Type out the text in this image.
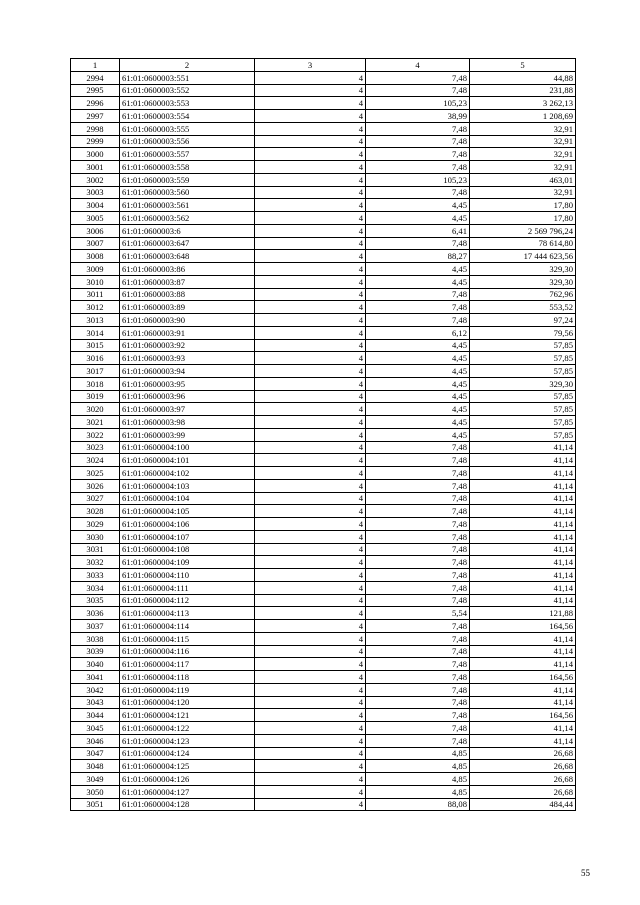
1	2	3	4	5
2994	61:01:0600003:551	4	7,48	44,88
2995	61:01:0600003:552	4	7,48	231,88
2996	61:01:0600003:553	4	105,23	3 262,13
2997	61:01:0600003:554	4	38,99	1 208,69
2998	61:01:0600003:555	4	7,48	32,91
2999	61:01:0600003:556	4	7,48	32,91
3000	61:01:0600003:557	4	7,48	32,91
3001	61:01:0600003:558	4	7,48	32,91
3002	61:01:0600003:559	4	105,23	463,01
3003	61:01:0600003:560	4	7,48	32,91
3004	61:01:0600003:561	4	4,45	17,80
3005	61:01:0600003:562	4	4,45	17,80
3006	61:01:0600003:6	4	6,41	2 569 796,24
3007	61:01:0600003:647	4	7,48	78 614,80
3008	61:01:0600003:648	4	88,27	17 444 623,56
3009	61:01:0600003:86	4	4,45	329,30
3010	61:01:0600003:87	4	4,45	329,30
3011	61:01:0600003:88	4	7,48	762,96
3012	61:01:0600003:89	4	7,48	553,52
3013	61:01:0600003:90	4	7,48	97,24
3014	61:01:0600003:91	4	6,12	79,56
3015	61:01:0600003:92	4	4,45	57,85
3016	61:01:0600003:93	4	4,45	57,85
3017	61:01:0600003:94	4	4,45	57,85
3018	61:01:0600003:95	4	4,45	329,30
3019	61:01:0600003:96	4	4,45	57,85
3020	61:01:0600003:97	4	4,45	57,85
3021	61:01:0600003:98	4	4,45	57,85
3022	61:01:0600003:99	4	4,45	57,85
3023	61:01:0600004:100	4	7,48	41,14
3024	61:01:0600004:101	4	7,48	41,14
3025	61:01:0600004:102	4	7,48	41,14
3026	61:01:0600004:103	4	7,48	41,14
3027	61:01:0600004:104	4	7,48	41,14
3028	61:01:0600004:105	4	7,48	41,14
3029	61:01:0600004:106	4	7,48	41,14
3030	61:01:0600004:107	4	7,48	41,14
3031	61:01:0600004:108	4	7,48	41,14
3032	61:01:0600004:109	4	7,48	41,14
3033	61:01:0600004:110	4	7,48	41,14
3034	61:01:0600004:111	4	7,48	41,14
3035	61:01:0600004:112	4	7,48	41,14
3036	61:01:0600004:113	4	5,54	121,88
3037	61:01:0600004:114	4	7,48	164,56
3038	61:01:0600004:115	4	7,48	41,14
3039	61:01:0600004:116	4	7,48	41,14
3040	61:01:0600004:117	4	7,48	41,14
3041	61:01:0600004:118	4	7,48	164,56
3042	61:01:0600004:119	4	7,48	41,14
3043	61:01:0600004:120	4	7,48	41,14
3044	61:01:0600004:121	4	7,48	164,56
3045	61:01:0600004:122	4	7,48	41,14
3046	61:01:0600004:123	4	7,48	41,14
3047	61:01:0600004:124	4	4,85	26,68
3048	61:01:0600004:125	4	4,85	26,68
3049	61:01:0600004:126	4	4,85	26,68
3050	61:01:0600004:127	4	4,85	26,68
3051	61:01:0600004:128	4	88,08	484,44
55
